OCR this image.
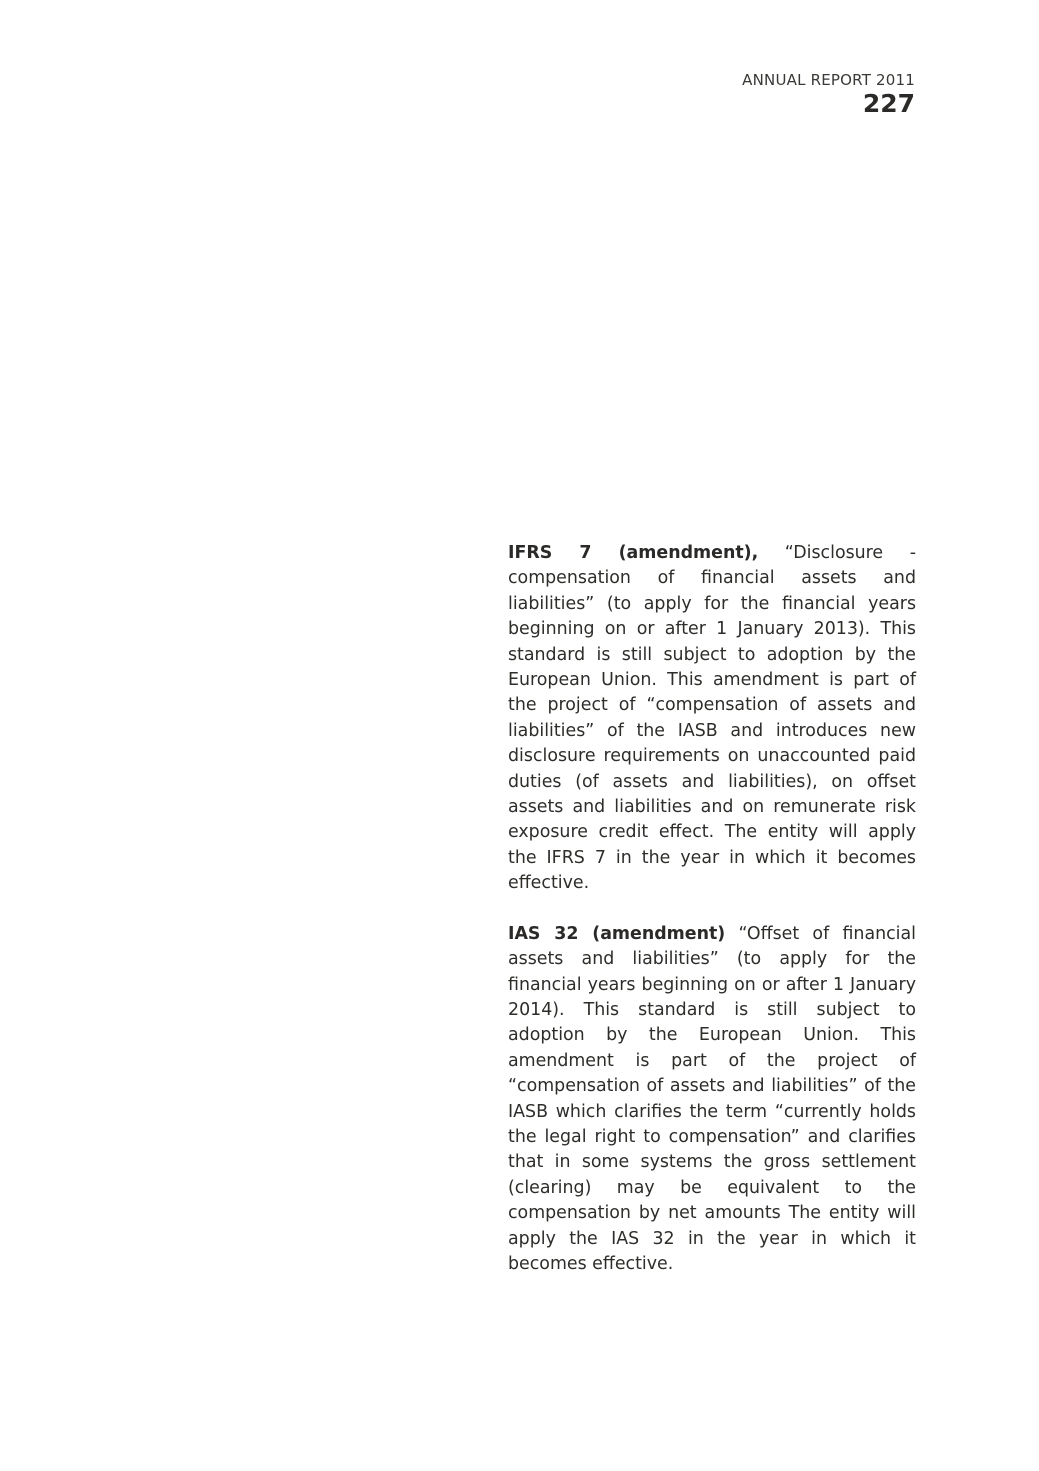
ANNUAL REPORT 2011
227

IFRS 7 (amendment), “Disclosure - compensation of financial assets and liabilities” (to apply for the financial years beginning on or after 1 January 2013). This standard is still subject to adoption by the European Union. This amendment is part of the project of “compensation of assets and liabilities” of the IASB and introduces new disclosure requirements on unaccounted paid duties (of assets and liabilities), on offset assets and liabilities and on remunerate risk exposure credit effect. The entity will apply the IFRS 7 in the year in which it becomes effective.

IAS 32 (amendment) “Offset of financial assets and liabilities” (to apply for the financial years beginning on or after 1 January 2014). This standard is still subject to adoption by the European Union. This amendment is part of the project of “compensation of assets and liabilities” of the IASB which clarifies the term “currently holds the legal right to compensation” and clarifies that in some systems the gross settlement (clearing) may be equivalent to the compensation by net amounts The entity will apply the IAS 32 in the year in which it becomes effective.
